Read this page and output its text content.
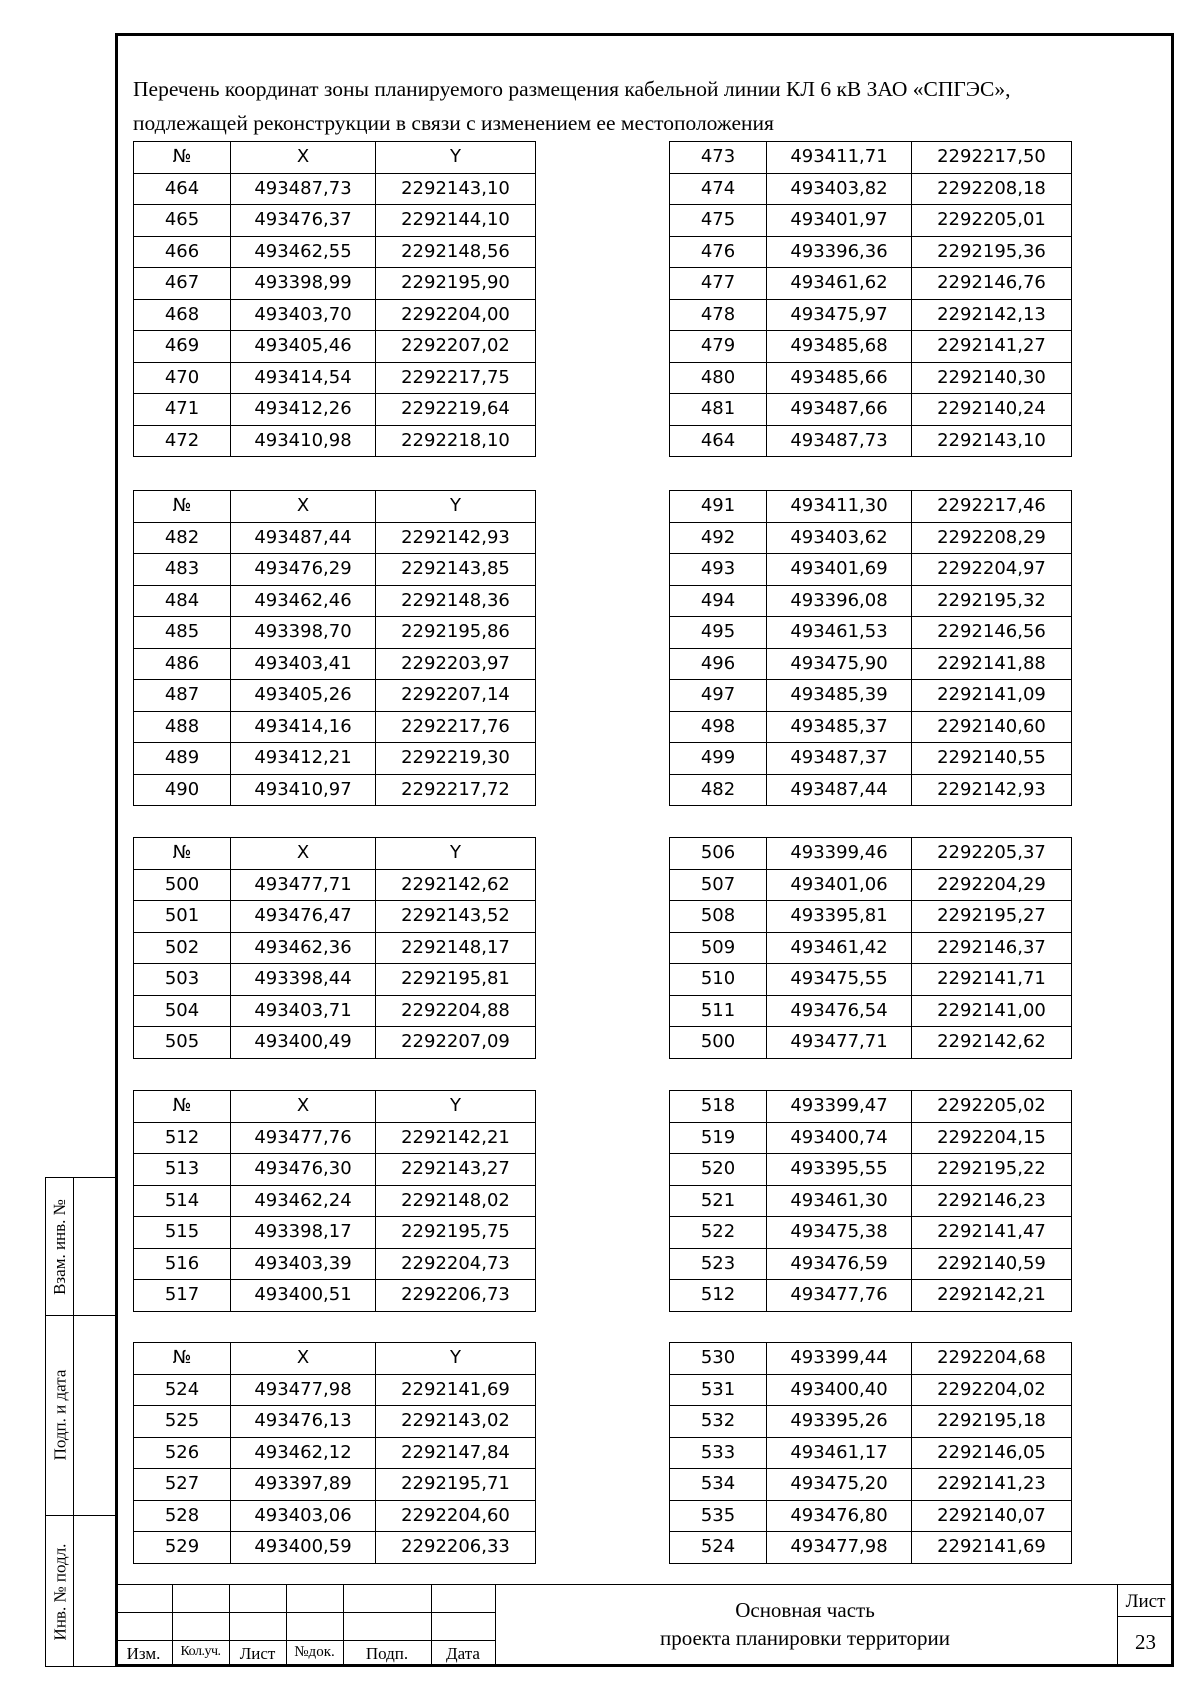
Перечень координат зоны планируемого размещения кабельной линии КЛ 6 кВ ЗАО «СПГЭС»,
подлежащей реконструкции в связи с изменением ее местоположения
№	X	Y
464	493487,73	2292143,10
465	493476,37	2292144,10
466	493462,55	2292148,56
467	493398,99	2292195,90
468	493403,70	2292204,00
469	493405,46	2292207,02
470	493414,54	2292217,75
471	493412,26	2292219,64
472	493410,98	2292218,10
473	493411,71	2292217,50
474	493403,82	2292208,18
475	493401,97	2292205,01
476	493396,36	2292195,36
477	493461,62	2292146,76
478	493475,97	2292142,13
479	493485,68	2292141,27
480	493485,66	2292140,30
481	493487,66	2292140,24
464	493487,73	2292143,10
№	X	Y
482	493487,44	2292142,93
483	493476,29	2292143,85
484	493462,46	2292148,36
485	493398,70	2292195,86
486	493403,41	2292203,97
487	493405,26	2292207,14
488	493414,16	2292217,76
489	493412,21	2292219,30
490	493410,97	2292217,72
491	493411,30	2292217,46
492	493403,62	2292208,29
493	493401,69	2292204,97
494	493396,08	2292195,32
495	493461,53	2292146,56
496	493475,90	2292141,88
497	493485,39	2292141,09
498	493485,37	2292140,60
499	493487,37	2292140,55
482	493487,44	2292142,93
№	X	Y
500	493477,71	2292142,62
501	493476,47	2292143,52
502	493462,36	2292148,17
503	493398,44	2292195,81
504	493403,71	2292204,88
505	493400,49	2292207,09
506	493399,46	2292205,37
507	493401,06	2292204,29
508	493395,81	2292195,27
509	493461,42	2292146,37
510	493475,55	2292141,71
511	493476,54	2292141,00
500	493477,71	2292142,62
№	X	Y
512	493477,76	2292142,21
513	493476,30	2292143,27
514	493462,24	2292148,02
515	493398,17	2292195,75
516	493403,39	2292204,73
517	493400,51	2292206,73
518	493399,47	2292205,02
519	493400,74	2292204,15
520	493395,55	2292195,22
521	493461,30	2292146,23
522	493475,38	2292141,47
523	493476,59	2292140,59
512	493477,76	2292142,21
№	X	Y
524	493477,98	2292141,69
525	493476,13	2292143,02
526	493462,12	2292147,84
527	493397,89	2292195,71
528	493403,06	2292204,60
529	493400,59	2292206,33
530	493399,44	2292204,68
531	493400,40	2292204,02
532	493395,26	2292195,18
533	493461,17	2292146,05
534	493475,20	2292141,23
535	493476,80	2292140,07
524	493477,98	2292141,69
Взам. инв. №
Подп. и дата
Инв. № подл.
Изм.	Кол.уч.	Лист	№док.	Подп.	Дата
Основная часть
проекта планировки территории
Лист
23
